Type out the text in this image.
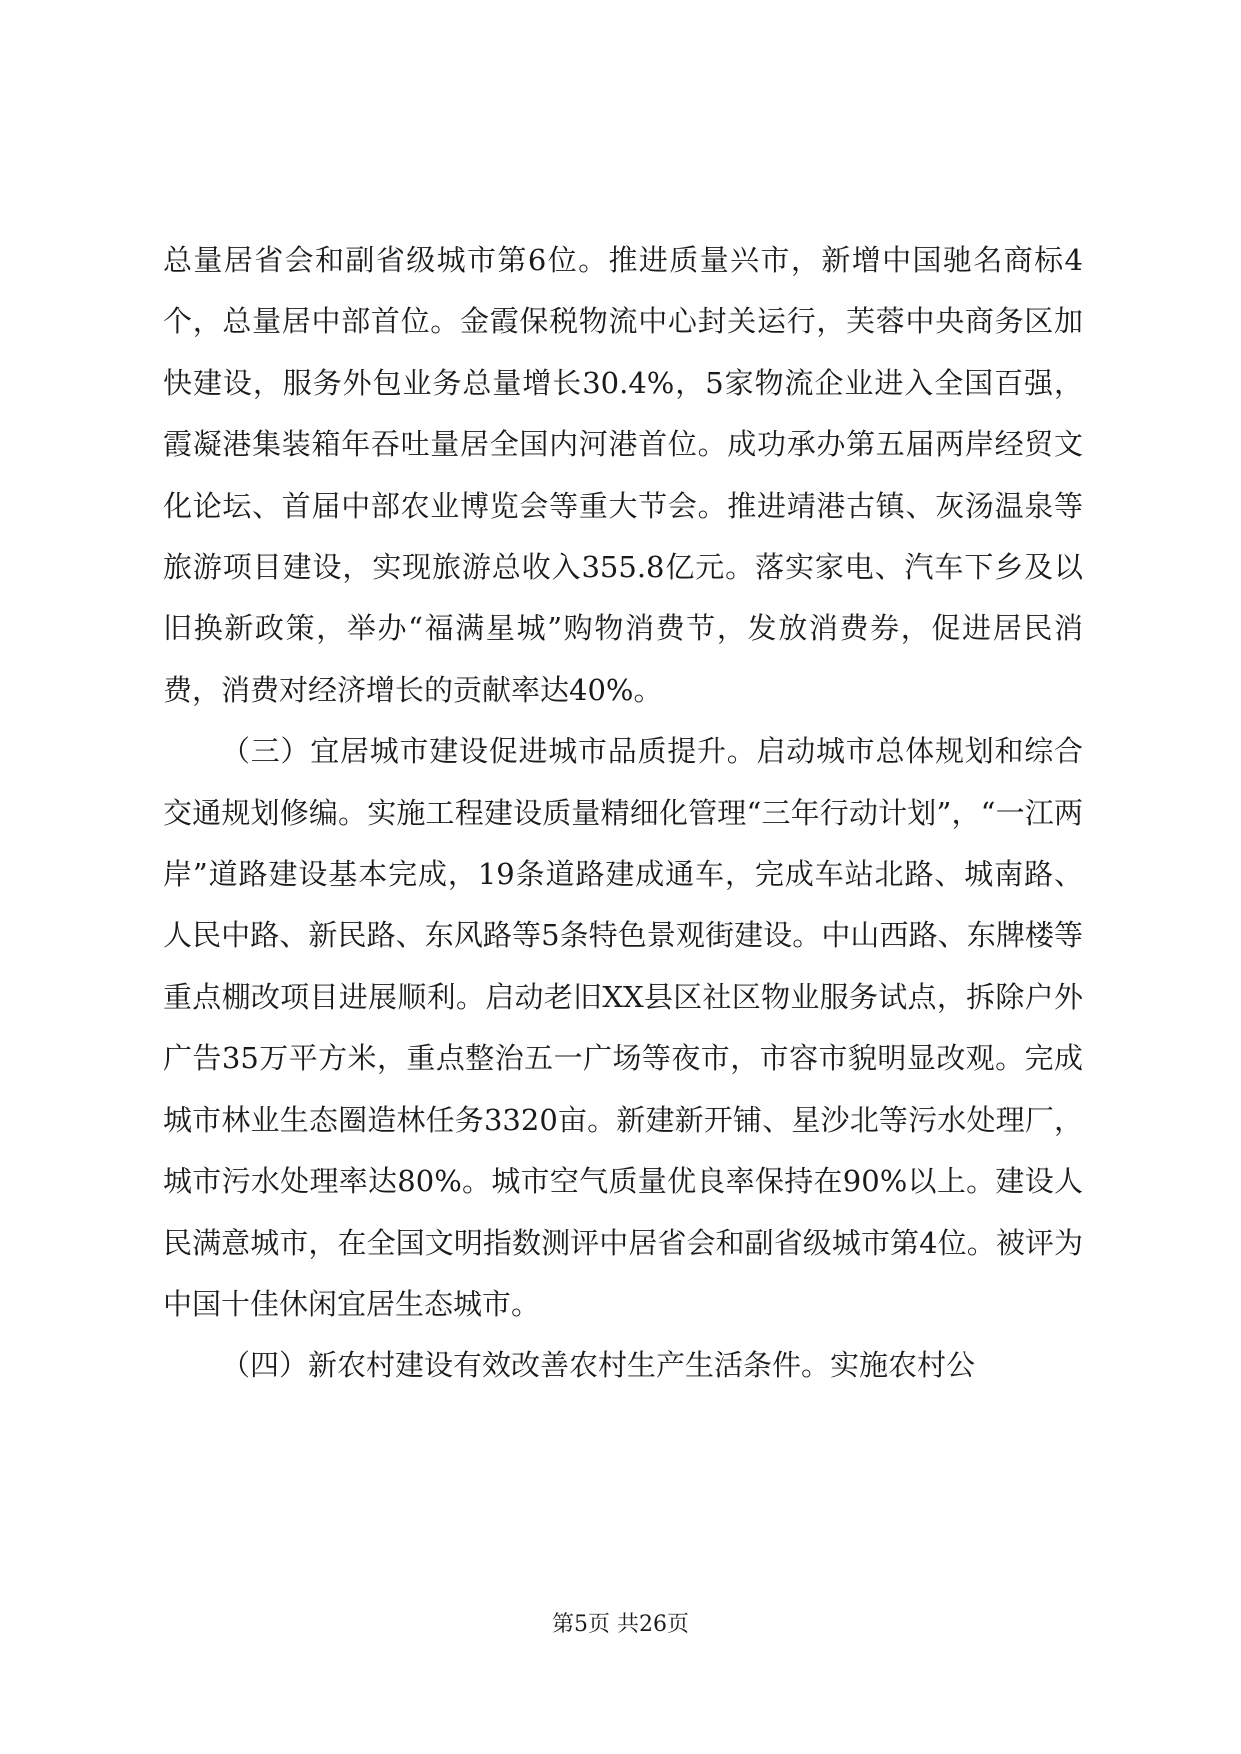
总量居省会和副省级城市第6位。推进质量兴市，新增中国驰名商标4个，总量居中部首位。金霞保税物流中心封关运行，芙蓉中央商务区加快建设，服务外包业务总量增长30.4%，5家物流企业进入全国百强，霞凝港集装箱年吞吐量居全国内河港首位。成功承办第五届两岸经贸文化论坛、首届中部农业博览会等重大节会。推进靖港古镇、灰汤温泉等旅游项目建设，实现旅游总收入355.8亿元。落实家电、汽车下乡及以旧换新政策，举办“福满星城”购物消费节，发放消费券，促进居民消费，消费对经济增长的贡献率达40%。

（三）宜居城市建设促进城市品质提升。启动城市总体规划和综合交通规划修编。实施工程建设质量精细化管理“三年行动计划”，“一江两岸”道路建设基本完成，19条道路建成通车，完成车站北路、城南路、人民中路、新民路、东风路等5条特色景观街建设。中山西路、东牌楼等重点棚改项目进展顺利。启动老旧XX县区社区物业服务试点，拆除户外广告35万平方米，重点整治五一广场等夜市，市容市貌明显改观。完成城市林业生态圈造林任务3320亩。新建新开铺、星沙北等污水处理厂，城市污水处理率达80%。城市空气质量优良率保持在90%以上。建设人民满意城市，在全国文明指数测评中居省会和副省级城市第4位。被评为中国十佳休闲宜居生态城市。

（四）新农村建设有效改善农村生产生活条件。实施农村公

第5页 共26页
